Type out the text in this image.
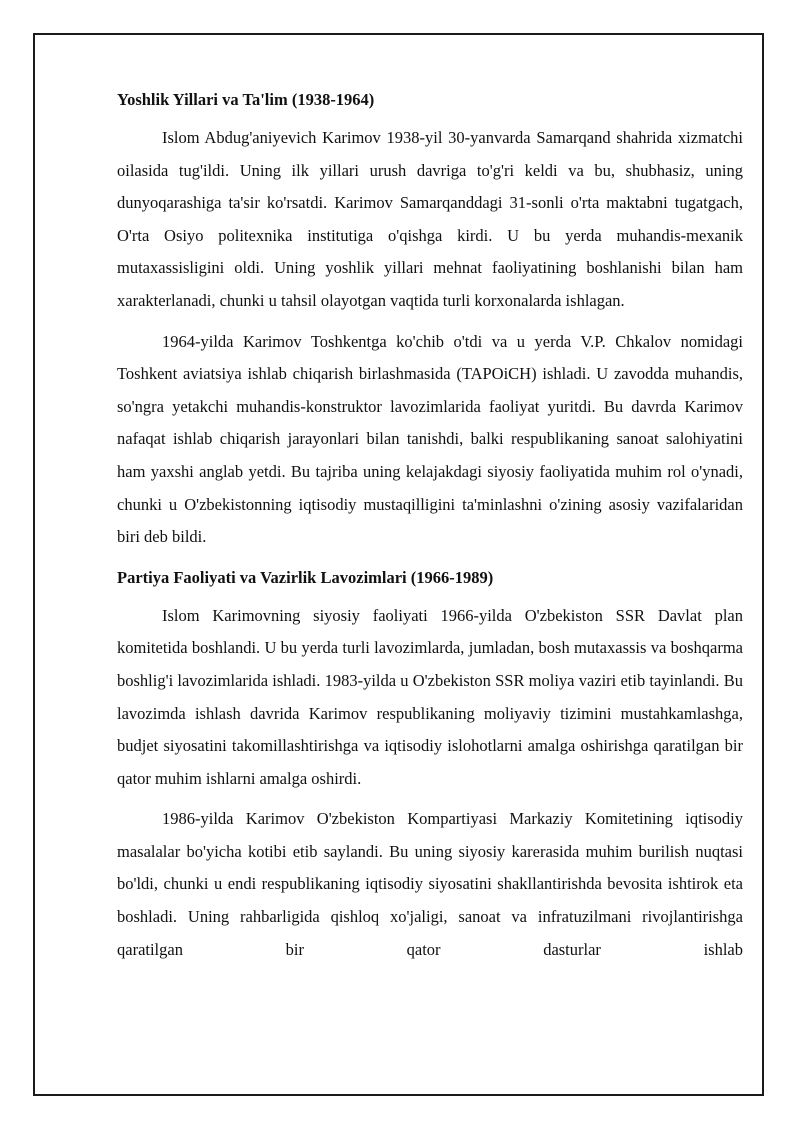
Yoshlik Yillari va Ta'lim (1938-1964)

Islom Abdug'aniyevich Karimov 1938-yil 30-yanvarda Samarqand shahrida xizmatchi oilasida tug'ildi. Uning ilk yillari urush davriga to'g'ri keldi va bu, shubhasiz, uning dunyoqarashiga ta'sir ko'rsatdi. Karimov Samarqanddagi 31-sonli o'rta maktabni tugatgach, O'rta Osiyo politexnika institutiga o'qishga kirdi. U bu yerda muhandis-mexanik mutaxassisligini oldi. Uning yoshlik yillari mehnat faoliyatining boshlanishi bilan ham xarakterlanadi, chunki u tahsil olayotgan vaqtida turli korxonalarda ishlagan.

1964-yilda Karimov Toshkentga ko'chib o'tdi va u yerda V.P. Chkalov nomidagi Toshkent aviatsiya ishlab chiqarish birlashmasida (TAPOiCH) ishladi. U zavodda muhandis, so'ngra yetakchi muhandis-konstruktor lavozimlarida faoliyat yuritdi. Bu davrda Karimov nafaqat ishlab chiqarish jarayonlari bilan tanishdi, balki respublikaning sanoat salohiyatini ham yaxshi anglab yetdi. Bu tajriba uning kelajakdagi siyosiy faoliyatida muhim rol o'ynadi, chunki u O'zbekistonning iqtisodiy mustaqilligini ta'minlashni o'zining asosiy vazifalaridan biri deb bildi.

Partiya Faoliyati va Vazirlik Lavozimlari (1966-1989)

Islom Karimovning siyosiy faoliyati 1966-yilda O'zbekiston SSR Davlat plan komitetida boshlandi. U bu yerda turli lavozimlarda, jumladan, bosh mutaxassis va boshqarma boshlig'i lavozimlarida ishladi. 1983-yilda u O'zbekiston SSR moliya vaziri etib tayinlandi. Bu lavozimda ishlash davrida Karimov respublikaning moliyaviy tizimini mustahkamlashga, budjet siyosatini takomillashtirishga va iqtisodiy islohotlarni amalga oshirishga qaratilgan bir qator muhim ishlarni amalga oshirdi.

1986-yilda Karimov O'zbekiston Kompartiyasi Markaziy Komitetining iqtisodiy masalalar bo'yicha kotibi etib saylandi. Bu uning siyosiy karerasida muhim burilish nuqtasi bo'ldi, chunki u endi respublikaning iqtisodiy siyosatini shakllantirishda bevosita ishtirok eta boshladi. Uning rahbarligida qishloq xo'jaligi, sanoat va infratuzilmani rivojlantirishga qaratilgan bir qator dasturlar ishlab
